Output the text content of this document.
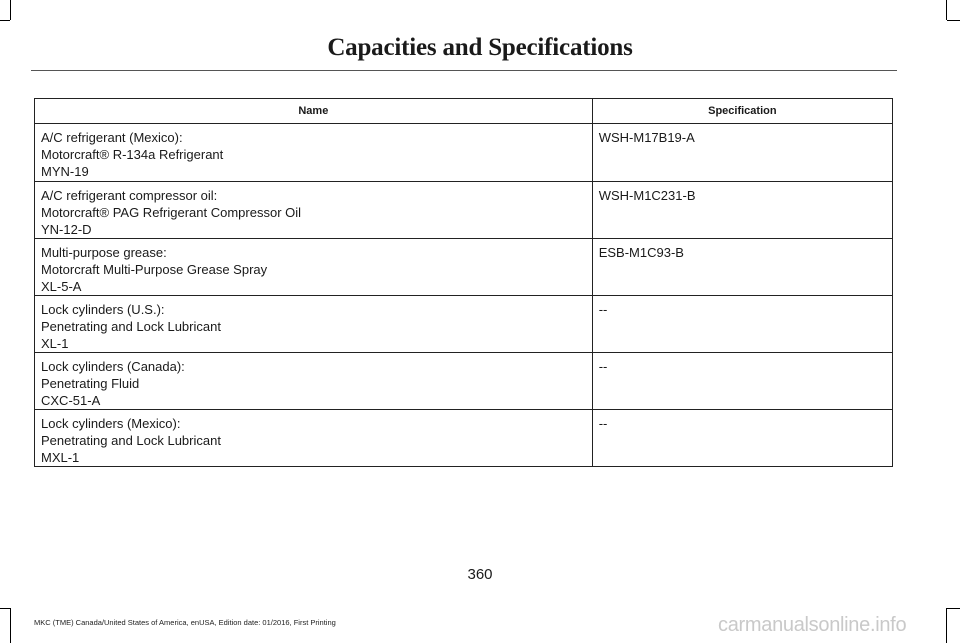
Capacities and Specifications
Name	Specification

A/C refrigerant (Mexico):
Motorcraft® R-134a Refrigerant
MYN-19	WSH-M17B19-A

A/C refrigerant compressor oil:
Motorcraft® PAG Refrigerant Compressor Oil
YN-12-D	WSH-M1C231-B

Multi-purpose grease:
Motorcraft Multi-Purpose Grease Spray
XL-5-A	ESB-M1C93-B

Lock cylinders (U.S.):
Penetrating and Lock Lubricant
XL-1	--

Lock cylinders (Canada):
Penetrating Fluid
CXC-51-A	--

Lock cylinders (Mexico):
Penetrating and Lock Lubricant
MXL-1	--
360
MKC (TME) Canada/United States of America, enUSA, Edition date: 01/2016, First Printing	carmanualsonline.info
